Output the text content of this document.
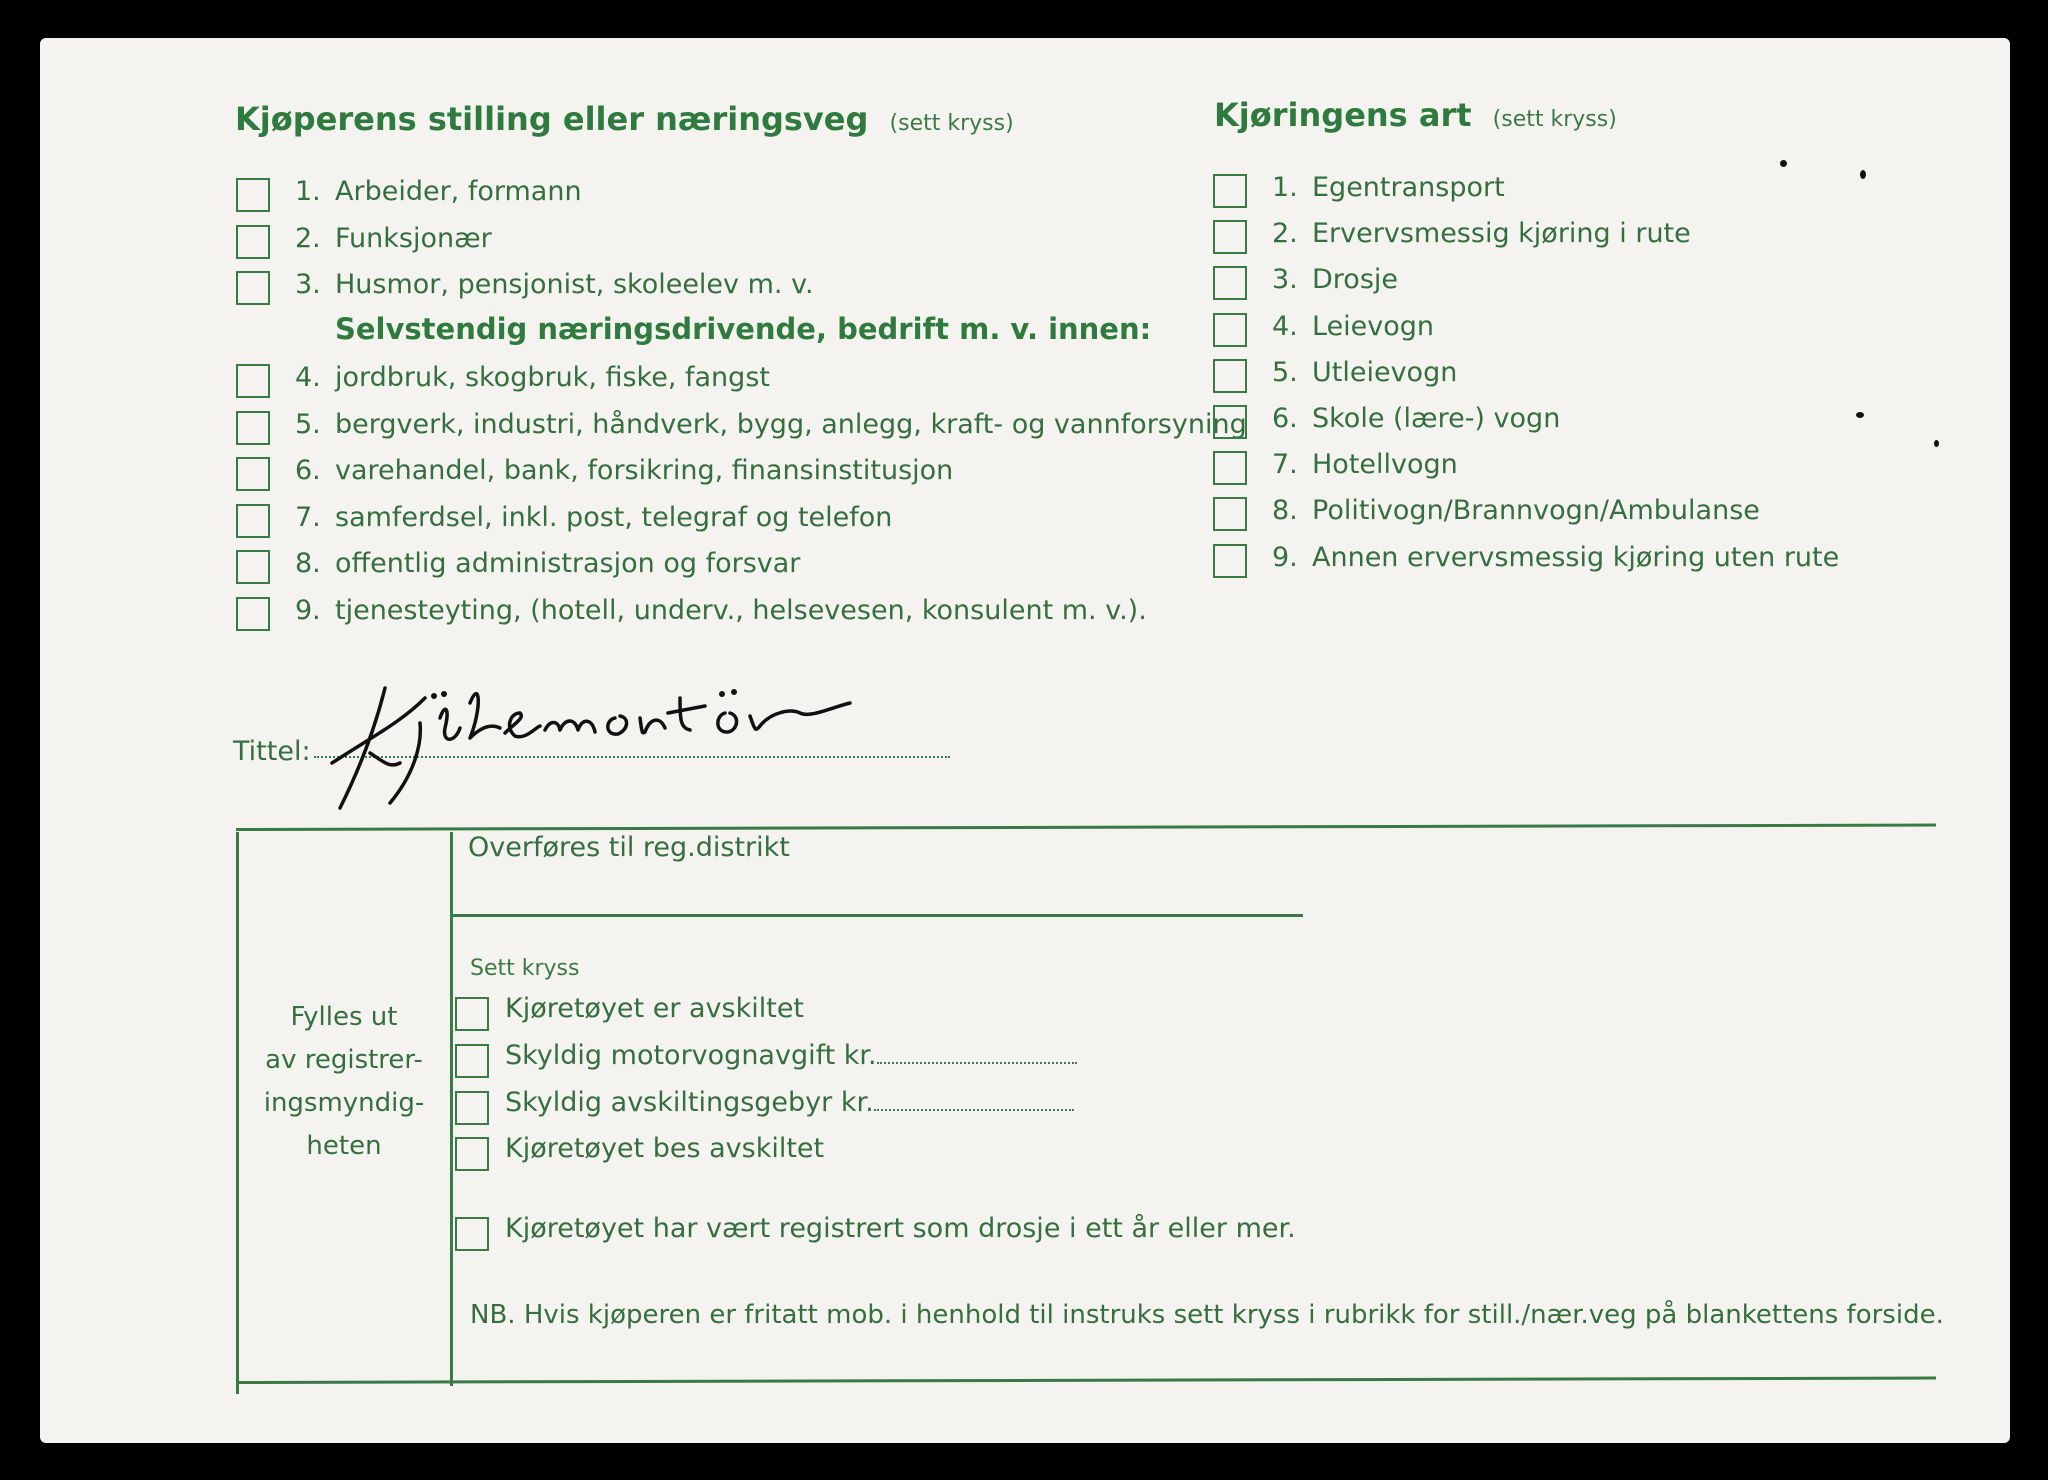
Kjøperens stilling eller næringsveg (sett kryss)
1. Arbeider, formann
2. Funksjonær
3. Husmor, pensjonist, skoleelev m. v.
Selvstendig næringsdrivende, bedrift m. v. innen:
4. jordbruk, skogbruk, fiske, fangst
5. bergverk, industri, håndverk, bygg, anlegg, kraft- og vannforsyning
6. varehandel, bank, forsikring, finansinstitusjon
7. samferdsel, inkl. post, telegraf og telefon
8. offentlig administrasjon og forsvar
9. tjenesteyting, (hotell, underv., helsevesen, konsulent m. v.).
Tittel:
Kjøringens art (sett kryss)
1. Egentransport
2. Ervervsmessig kjøring i rute
3. Drosje
4. Leievogn
5. Utleievogn
6. Skole (lære-) vogn
7. Hotellvogn
8. Politivogn/Brannvogn/Ambulanse
9. Annen ervervsmessig kjøring uten rute
Fylles ut
av registrer-
ingsmyndig-
heten
Overføres til reg.distrikt
Sett kryss
Kjøretøyet er avskiltet
Skyldig motorvognavgift kr.
Skyldig avskiltingsgebyr kr.
Kjøretøyet bes avskiltet
Kjøretøyet har vært registrert som drosje i ett år eller mer.
NB. Hvis kjøperen er fritatt mob. i henhold til instruks sett kryss i rubrikk for still./nær.veg på blankettens forside.
